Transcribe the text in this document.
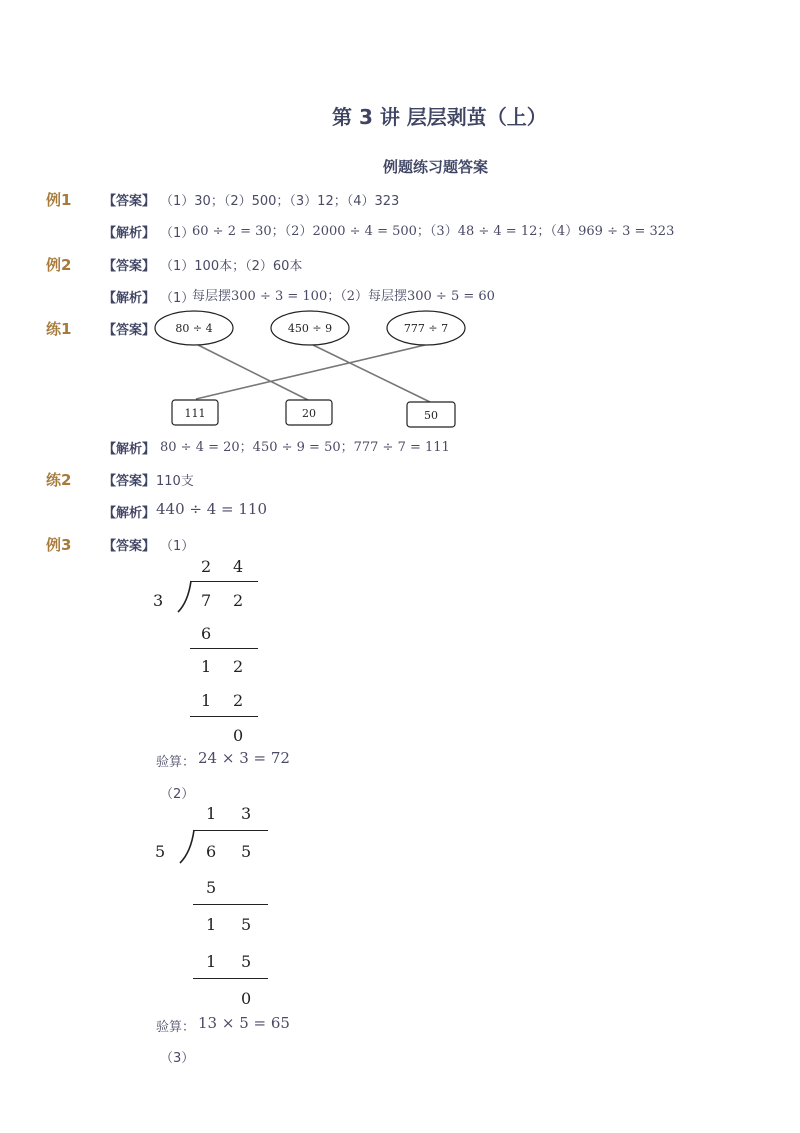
第 3 讲 层层剥茧（上）
例题练习题答案
例1 【答案】 （1）30；（2）500；（3）12；（4）323
【解析】 （1）
60 ÷ 2 = 30；（2）2000 ÷ 4 = 500；（3）48 ÷ 4 = 12；（4）969 ÷ 3 = 323
例2 【答案】 （1）100本；（2）60本
【解析】 （1）
每层摆300 ÷ 3 = 100；（2）每层摆300 ÷ 5 = 60
练1 【答案】 80 ÷ 4	450 ÷ 9	777 ÷ 7
111	20	50
【解析】 80 ÷ 4 = 20；450 ÷ 9 = 50；777 ÷ 7 = 111
练2 【答案】 110支
【解析】 440 ÷ 4 = 110
例3 【答案】 （1）
2 4
3 7 2
6
1 2
1 2
0
验算： 24 × 3 = 72
（2）
1 3
5	6 5
5
1 5
1 5
0
验算： 13 × 5 = 65
（3）
